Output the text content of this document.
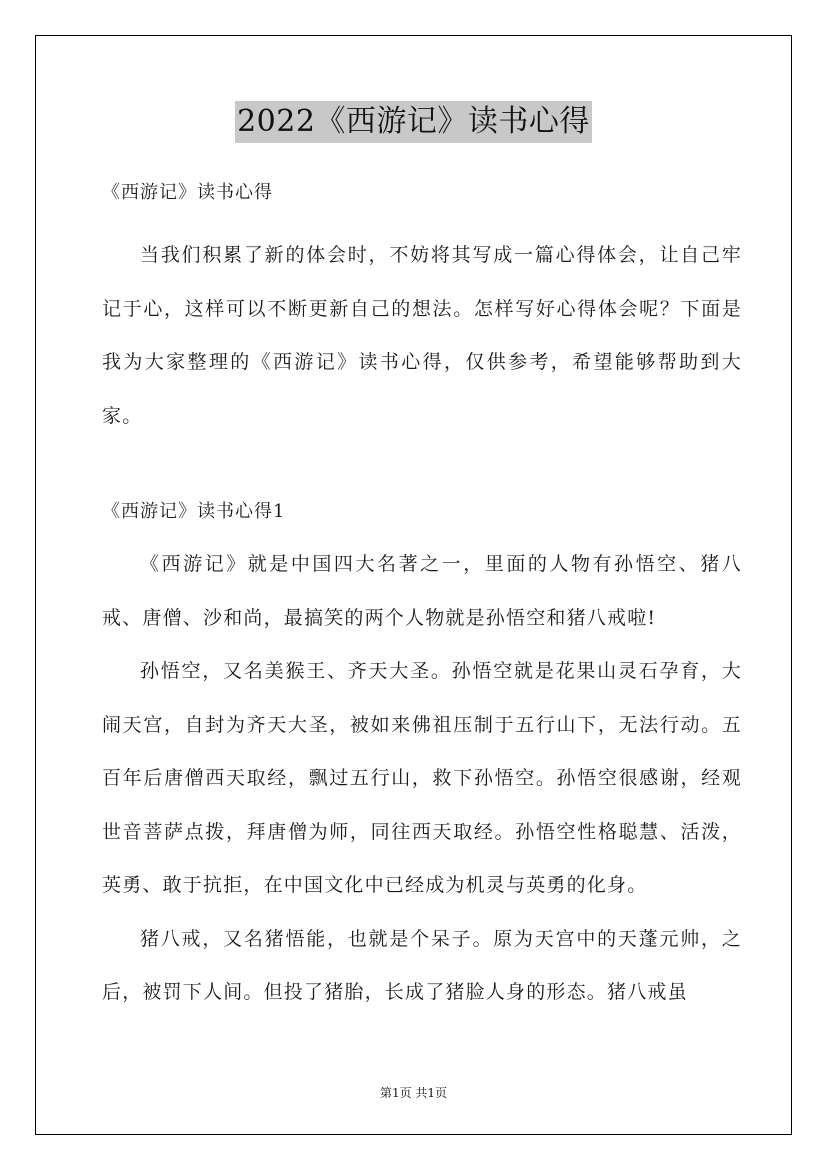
2022《西游记》读书心得

《西游记》读书心得

当我们积累了新的体会时，不妨将其写成一篇心得体会，让自己牢记于心，这样可以不断更新自己的想法。怎样写好心得体会呢？下面是我为大家整理的《西游记》读书心得，仅供参考，希望能够帮助到大家。

《西游记》读书心得1

《西游记》就是中国四大名著之一，里面的人物有孙悟空、猪八戒、唐僧、沙和尚，最搞笑的两个人物就是孙悟空和猪八戒啦!

孙悟空，又名美猴王、齐天大圣。孙悟空就是花果山灵石孕育，大闹天宫，自封为齐天大圣，被如来佛祖压制于五行山下，无法行动。五百年后唐僧西天取经，飘过五行山，救下孙悟空。孙悟空很感谢，经观世音菩萨点拨，拜唐僧为师，同往西天取经。孙悟空性格聪慧、活泼，英勇、敢于抗拒，在中国文化中已经成为机灵与英勇的化身。

猪八戒，又名猪悟能，也就是个呆子。原为天宫中的天蓬元帅，之后，被罚下人间。但投了猪胎，长成了猪脸人身的形态。猪八戒虽

第1页 共1页
